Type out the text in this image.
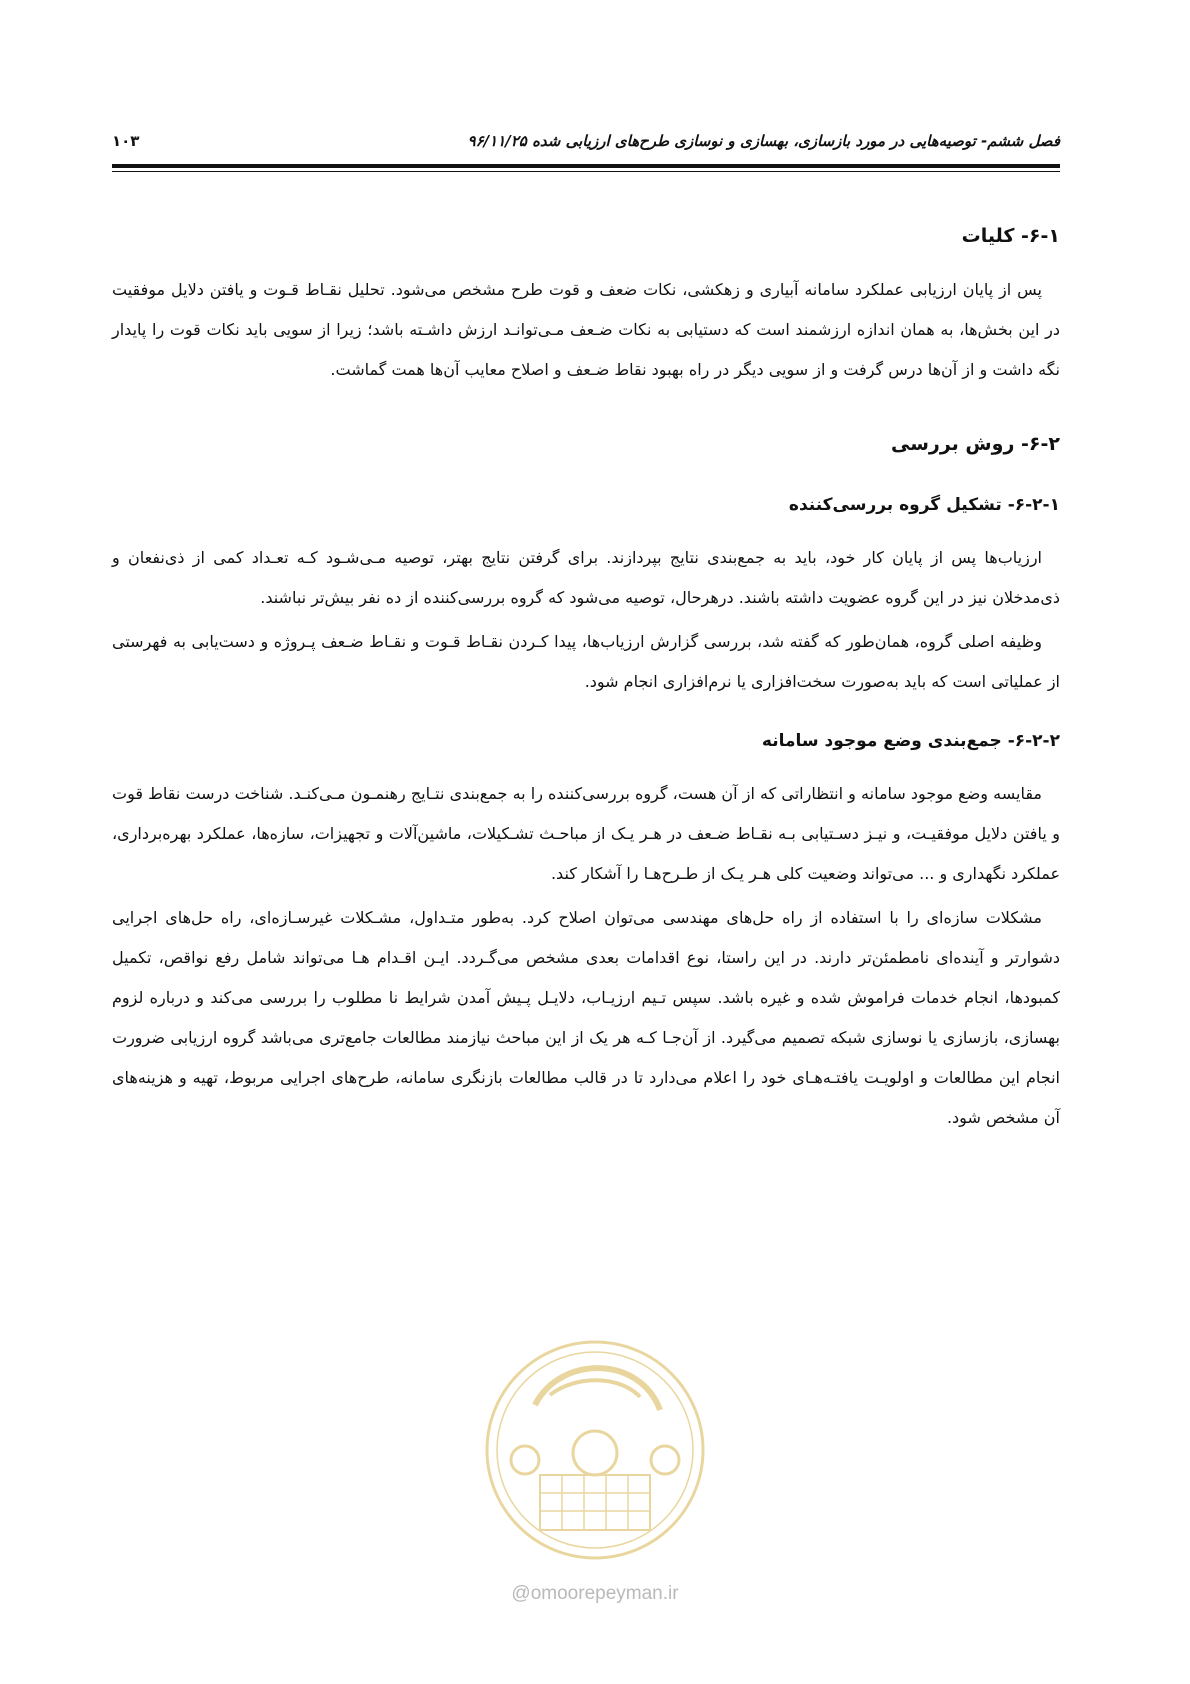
فصل ششم- توصیه‌هایی در مورد بازسازی، بهسازی و نوسازی طرح‌های ارزیابی شده ۹۶/۱۱/۲۵
۱۰۳
۶-۱- کلیات

پس از پایان ارزیابی عملکرد سامانه آبیاری و زهکشی، نکات ضعف و قوت طرح مشخص می‌شود. تحلیل نقـاط قـوت و یافتن دلایل موفقیت در این بخش‌ها، به همان اندازه ارزشمند است که دستیابی به نکات ضـعف مـی‌توانـد ارزش داشـته باشد؛ زیرا از سویی باید نکات قوت را پایدار نگه داشت و از آن‌ها درس گرفت و از سویی دیگر در راه بهبود نقاط ضـعف و اصلاح معایب آن‌ها همت گماشت.

۶-۲- روش بررسی
۶-۲-۱- تشکیل گروه بررسی‌کننده

ارزیاب‌ها پس از پایان کار خود، باید به جمع‌بندی نتایج بپردازند. برای گرفتن نتایج بهتر، توصیه مـی‌شـود کـه تعـداد کمی از ذی‌نفعان و ذی‌مدخلان نیز در این گروه عضویت داشته باشند. درهرحال، توصیه می‌شود که گروه بررسی‌کننده از ده نفر بیش‌تر نباشند.

وظیفه اصلی گروه، همان‌طور که گفته شد، بررسی گزارش ارزیاب‌ها، پیدا کـردن نقـاط قـوت و نقـاط ضـعف پـروژه و دست‌یابی به فهرستی از عملیاتی است که باید به‌صورت سخت‌افزاری یا نرم‌افزاری انجام شود.

۶-۲-۲- جمع‌بندی وضع موجود سامانه

مقایسه وضع موجود سامانه و انتظاراتی که از آن هست، گروه بررسی‌کننده را به جمع‌بندی نتـایج رهنمـون مـی‌کنـد. شناخت درست نقاط قوت و یافتن دلایل موفقیـت، و نیـز دسـتیابی بـه نقـاط ضـعف در هـر یـک از مباحـث تشـکیلات، ماشین‌آلات و تجهیزات، سازه‌ها، عملکرد بهره‌برداری، عملکرد نگهداری و ... می‌تواند وضعیت کلی هـر یـک از طـرح‌هـا را آشکار کند.

مشکلات سازه‌ای را با استفاده از راه حل‌های مهندسی می‌توان اصلاح کرد. به‌طور متـداول، مشـکلات غیرسـازه‌ای، راه حل‌های اجرایی دشوارتر و آینده‌ای نامطمئن‌تر دارند. در این راستا، نوع اقدامات بعدی مشخص می‌گـردد. ایـن اقـدام هـا می‌تواند شامل رفع نواقص، تکمیل کمبودها، انجام خدمات فراموش شده و غیره باشد. سپس تـیم ارزیـاب، دلایـل پـیش آمدن شرایط نا مطلوب را بررسی می‌کند و درباره لزوم بهسازی، بازسازی یا نوسازی شبکه تصمیم می‌گیرد. از آن‌جـا کـه هر یک از این مباحث نیازمند مطالعات جامع‌تری می‌باشد گروه ارزیابی ضرورت انجام این مطالعات و اولویـت یافتـه‌هـای خود را اعلام می‌دارد تا در قالب مطالعات بازنگری سامانه، طرح‌های اجرایی مربوط، تهیه و هزینه‌های آن مشخص شود.

@omoorepeyman.ir
